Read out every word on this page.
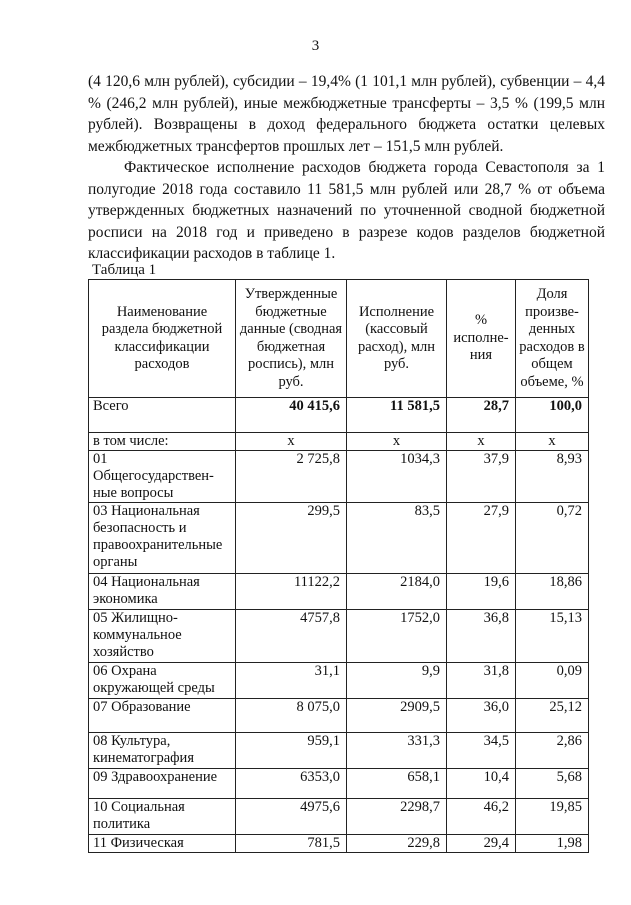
3

(4 120,6 млн рублей), субсидии – 19,4% (1 101,1 млн рублей), субвенции – 4,4 % (246,2 млн рублей), иные межбюджетные трансферты – 3,5 % (199,5 млн рублей). Возвращены в доход федерального бюджета остатки целевых межбюджетных трансфертов прошлых лет – 151,5 млн рублей.

Фактическое исполнение расходов бюджета города Севастополя за 1 полугодие 2018 года составило 11 581,5 млн рублей или 28,7 % от объема утвержденных бюджетных назначений по уточненной сводной бюджетной росписи на 2018 год и приведено в разрезе кодов разделов бюджетной классификации расходов в таблице 1.

Таблица 1
Наименование раздела бюджетной классификации расходов	Утвержденные бюджетные данные (сводная бюджетная роспись), млн руб.	Исполнение (кассовый расход), млн руб.	% исполнения	Доля произведенных расходов в общем объеме, %
Всего	40 415,6	11 581,5	28,7	100,0
в том числе:	х	х	х	х
01 Общегосударственные вопросы	2 725,8	1034,3	37,9	8,93
03 Национальная безопасность и правоохранительные органы	299,5	83,5	27,9	0,72
04 Национальная экономика	11122,2	2184,0	19,6	18,86
05 Жилищно-коммунальное хозяйство	4757,8	1752,0	36,8	15,13
06 Охрана окружающей среды	31,1	9,9	31,8	0,09
07 Образование	8 075,0	2909,5	36,0	25,12
08 Культура, кинематография	959,1	331,3	34,5	2,86
09 Здравоохранение	6353,0	658,1	10,4	5,68
10 Социальная политика	4975,6	2298,7	46,2	19,85
11 Физическая	781,5	229,8	29,4	1,98
